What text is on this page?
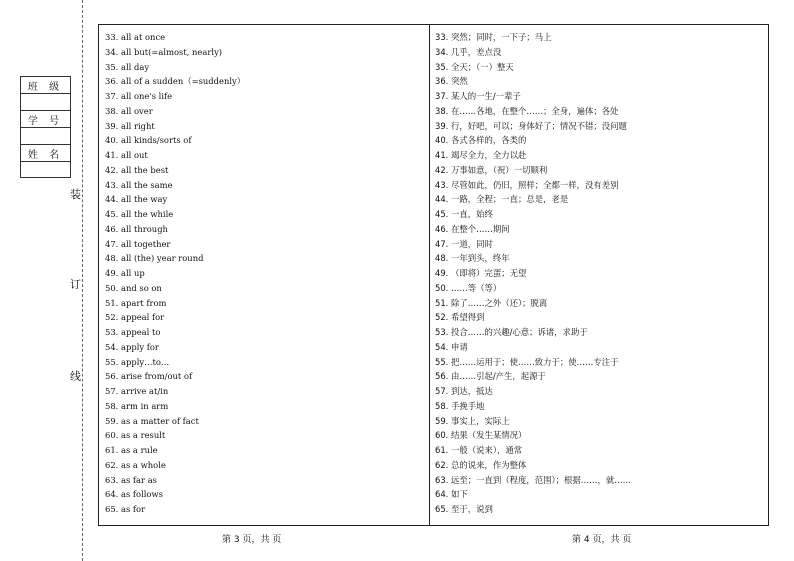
班 级
学 号
姓 名
装
订
线
33. all at once
34. all but(=almost, nearly)
35. all day
36. all of a sudden（=suddenly）
37. all one's life
38. all over
39. all right
40. all kinds/sorts of
41. all out
42. all the best
43. all the same
44. all the way
45. all the while
46. all through
47. all together
48. all (the) year round
49. all up
50. and so on
51. apart from
52. appeal for
53. appeal to
54. apply for
55. apply…to…
56. arise from/out of
57. arrive at/in
58. arm in arm
59. as a matter of fact
60. as a result
61. as a rule
62. as a whole
63. as far as
64. as follows
65. as for
33. 突然；同时，一下子；马上
34. 几乎，差点没
35. 全天；（一）整天
36. 突然
37. 某人的一生/一辈子
38. 在……各地，在整个……；全身，遍体；各处
39. 行，好吧，可以；身体好了；情况不错；没问题
40. 各式各样的，各类的
41. 竭尽全力，全力以赴
42. 万事如意，（祝）一切顺利
43. 尽管如此，仍旧，照样；全都一样，没有差别
44. 一路，全程；一直；总是，老是
45. 一直，始终
46. 在整个……期间
47. 一道，同时
48. 一年到头，终年
49. （即将）完蛋；无望
50. ……等（等）
51. 除了……之外（还）；脱离
52. 希望得到
53. 投合……的兴趣/心意；诉诸，求助于
54. 申请
55. 把……运用于；使……致力于；使……专注于
56. 由……引起/产生，起源于
57. 到达，抵达
58. 手挽手地
59. 事实上，实际上
60. 结果（发生某情况）
61. 一般（说来），通常
62. 总的说来，作为整体
63. 远至；一直到（程度，范围）；根据……，就……
64. 如下
65. 至于，说到
第 3 页，共 页	第 4 页，共 页
